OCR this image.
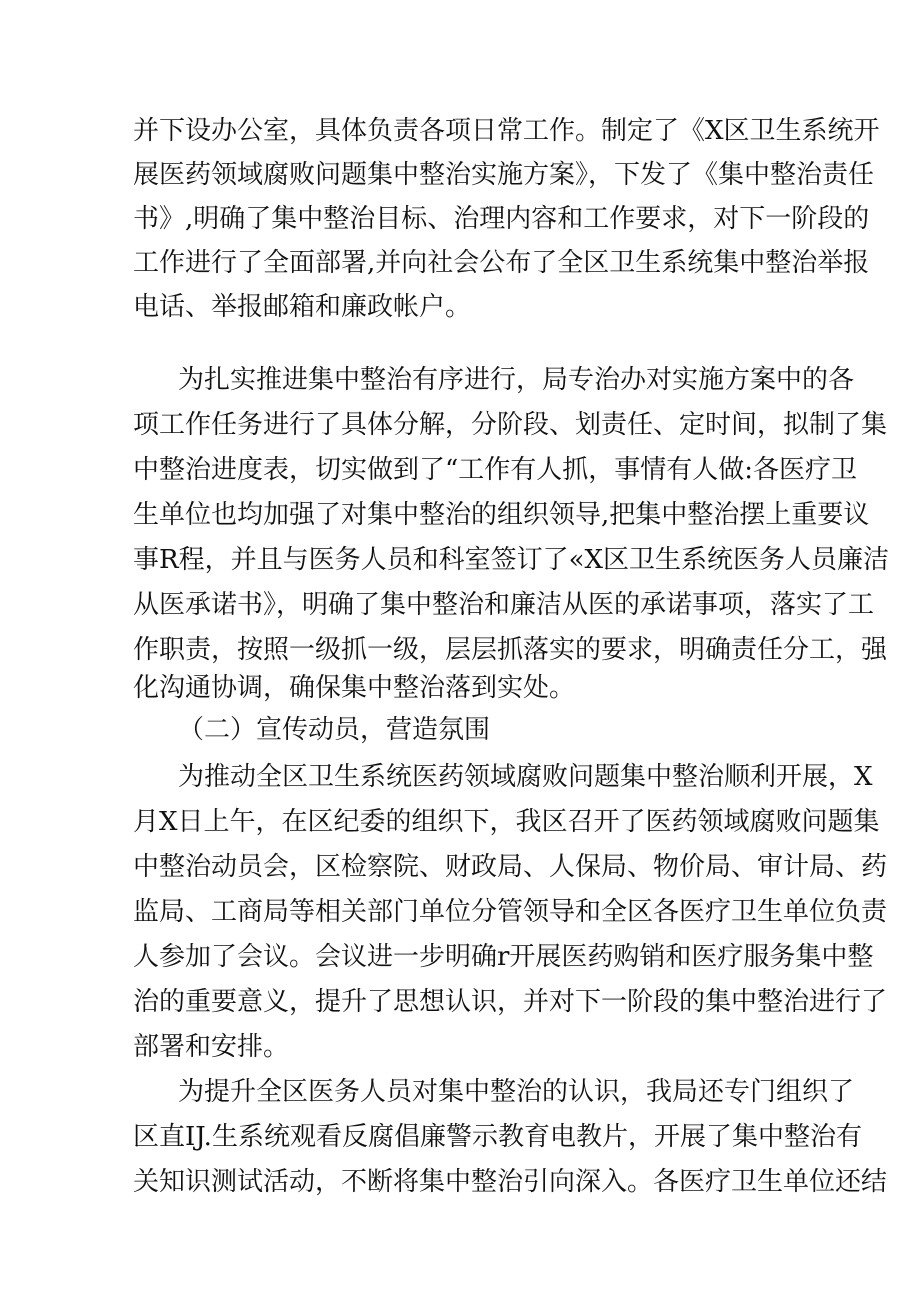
并下设办公室，具体负责各项日常工作。制定了《X区卫生系统开
展医药领域腐败问题集中整治实施方案》，下发了《集中整治责任
书》,明确了集中整治目标、治理内容和工作要求，对下一阶段的
工作进行了全面部署,并向社会公布了全区卫生系统集中整治举报
电话、举报邮箱和廉政帐户。
为扎实推进集中整治有序进行，局专治办对实施方案中的各
项工作任务进行了具体分解，分阶段、划责任、定时间，拟制了集
中整治进度表，切实做到了“工作有人抓，事情有人做:各医疗卫
生单位也均加强了对集中整治的组织领导,把集中整治摆上重要议
事R程，并且与医务人员和科室签订了«X区卫生系统医务人员廉洁
从医承诺书》，明确了集中整治和廉洁从医的承诺事项，落实了工
作职责，按照一级抓一级，层层抓落实的要求，明确责任分工，强
化沟通协调，确保集中整治落到实处。
（二）宣传动员，营造氛围
为推动全区卫生系统医药领域腐败问题集中整治顺利开展，X
月X日上午，在区纪委的组织下，我区召开了医药领域腐败问题集
中整治动员会，区检察院、财政局、人保局、物价局、审计局、药
监局、工商局等相关部门单位分管领导和全区各医疗卫生单位负责
人参加了会议。会议进一步明确r开展医药购销和医疗服务集中整
治的重要意义，提升了思想认识，并对下一阶段的集中整治进行了
部署和安排。
为提升全区医务人员对集中整治的认识，我局还专门组织了
区直IJ.生系统观看反腐倡廉警示教育电教片，开展了集中整治有
关知识测试活动，不断将集中整治引向深入。各医疗卫生单位还结
